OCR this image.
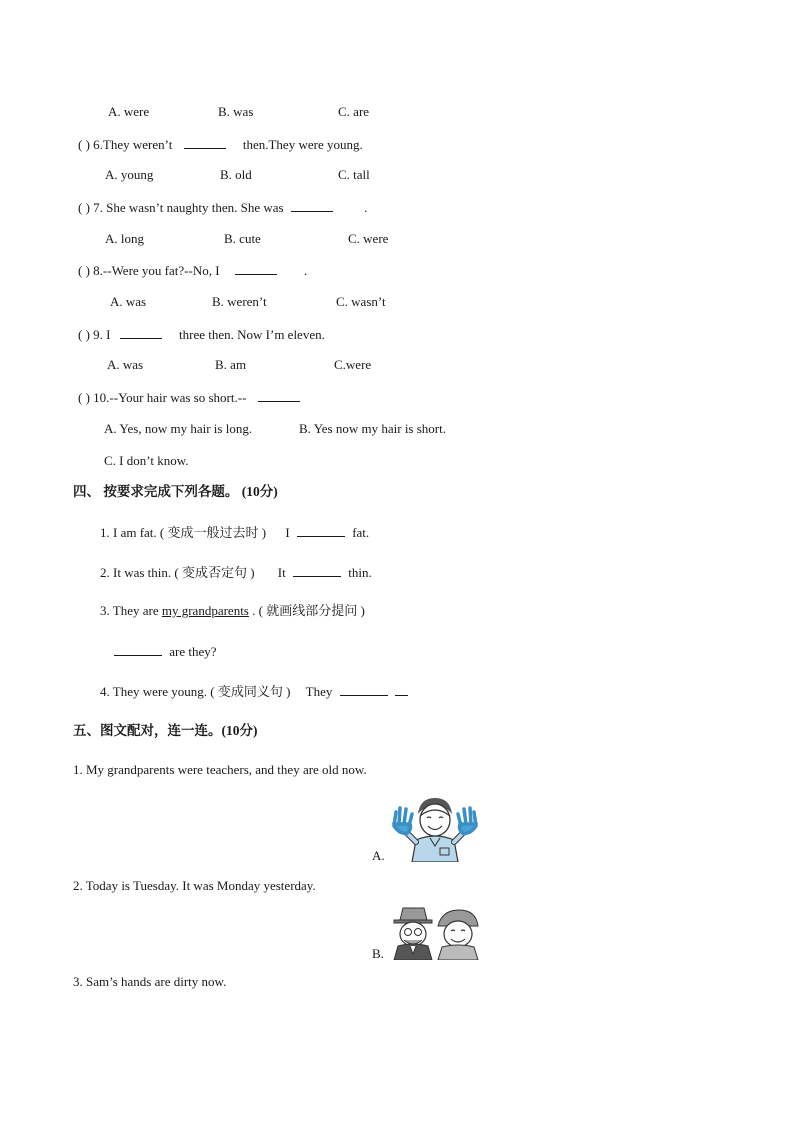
A. were	B. was	C. are
( ) 6.They weren’t	then.They were young.
A. young	B. old	C. tall
( ) 7. She wasn’t naughty then. She was	.
A. long	B. cute	C. were
( ) 8.--Were you fat?--No, I	.
A. was	B. weren’t	C. wasn’t
( ) 9. I	three then. Now I’m eleven.
A. was	B. am	C.were
( ) 10.--Your hair was so short.--
A. Yes, now my hair is long.	B. Yes now my hair is short.
C. I don’t know.
四、 按要求完成下列各题。 (10分)
1. I am fat. ( 变成一般过去时 ) I	fat.
2. It was thin. ( 变成否定句 ) It	thin.
3. They are my grandparents . ( 就画线部分提问 )
are they?
4. They were young. ( 变成同义句 ) They
五、图文配对，连一连。(10分)
1. My grandparents were teachers, and they are old now.
A.
2. Today is Tuesday. It was Monday yesterday.
B.
3. Sam’s hands are dirty now.
